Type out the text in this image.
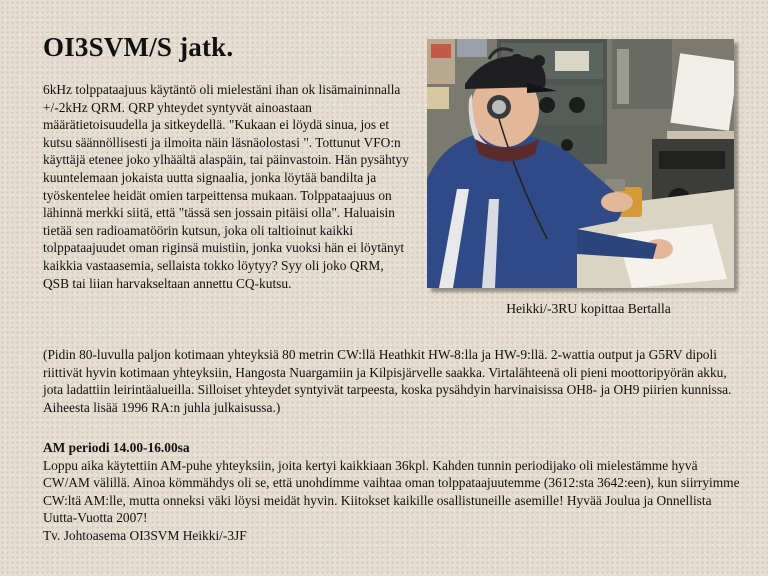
OI3SVM/S jatk.

6kHz tolppataajuus käytäntö oli mielestäni ihan ok lisämaininnalla +/-2kHz QRM. QRP yhteydet syntyvät ainoastaan määrätietoisuudella ja sitkeydellä. "Kukaan ei löydä sinua, jos et kutsu säännöllisesti ja ilmoita näin läsnäolostasi ". Tottunut VFO:n käyttäjä etenee joko ylhäältä alaspäin, tai päinvastoin. Hän pysähtyy kuuntelemaan jokaista uutta signaalia, jonka löytää bandilta ja työskentelee heidät omien tarpeittensa mukaan. Tolppataajuus on lähinnä merkki siitä, että "tässä sen jossain pitäisi olla". Haluaisin tietää sen radioamatöörin kutsun, joka oli taltioinut kaikki tolppataajuudet oman riginsä muistiin, jonka vuoksi hän ei löytänyt kaikkia vastaasemia, sellaista tokko löytyy? Syy oli joko QRM, QSB tai liian harvakseltaan annettu CQ-kutsu.

Heikki/-3RU kopittaa Bertalla

(Pidin 80-luvulla paljon kotimaan yhteyksiä 80 metrin CW:llä Heathkit HW-8:lla ja HW-9:llä. 2-wattia output ja G5RV dipoli riittivät hyvin kotimaan yhteyksiin, Hangosta Nuargamiin ja Kilpisjärvelle saakka. Virtalähteenä oli pieni moottoripyörän akku, jota ladattiin leirintäalueilla. Silloiset yhteydet syntyivät tarpeesta, koska pysähdyin harvinaisissa OH8- ja OH9 piirien kunnissa. Aiheesta lisää 1996 RA:n juhla julkaisussa.)

AM periodi 14.00-16.00sa
Loppu aika käytettiin AM-puhe yhteyksiin, joita kertyi kaikkiaan 36kpl. Kahden tunnin periodijako oli mielestämme hyvä CW/AM välillä. Ainoa kömmähdys oli se, että unohdimme vaihtaa oman tolppataajuutemme (3612:sta 3642:een), kun siirryimme CW:ltä AM:lle, mutta onneksi väki löysi meidät hyvin. Kiitokset kaikille osallistuneille asemille! Hyvää Joulua ja Onnellista Uutta-Vuotta 2007!
Tv. Johtoasema OI3SVM Heikki/-3JF
